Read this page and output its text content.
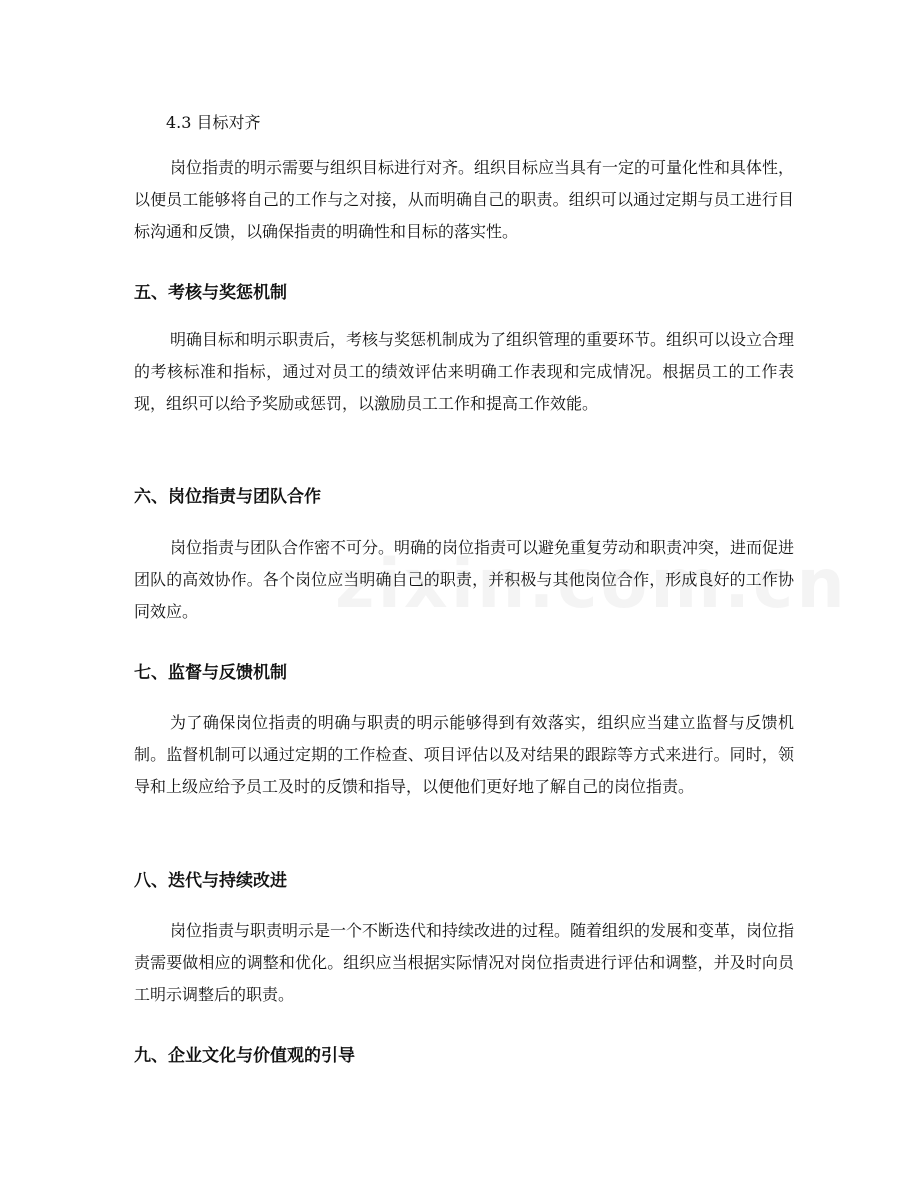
4.3 目标对齐

岗位指责的明示需要与组织目标进行对齐。组织目标应当具有一定的可量化性和具体性，以便员工能够将自己的工作与之对接，从而明确自己的职责。组织可以通过定期与员工进行目标沟通和反馈，以确保指责的明确性和目标的落实性。

五、考核与奖惩机制

明确目标和明示职责后，考核与奖惩机制成为了组织管理的重要环节。组织可以设立合理的考核标准和指标，通过对员工的绩效评估来明确工作表现和完成情况。根据员工的工作表现，组织可以给予奖励或惩罚，以激励员工工作和提高工作效能。

六、岗位指责与团队合作

岗位指责与团队合作密不可分。明确的岗位指责可以避免重复劳动和职责冲突，进而促进团队的高效协作。各个岗位应当明确自己的职责，并积极与其他岗位合作，形成良好的工作协同效应。

七、监督与反馈机制

为了确保岗位指责的明确与职责的明示能够得到有效落实，组织应当建立监督与反馈机制。监督机制可以通过定期的工作检查、项目评估以及对结果的跟踪等方式来进行。同时，领导和上级应给予员工及时的反馈和指导，以便他们更好地了解自己的岗位指责。

八、迭代与持续改进

岗位指责与职责明示是一个不断迭代和持续改进的过程。随着组织的发展和变革，岗位指责需要做相应的调整和优化。组织应当根据实际情况对岗位指责进行评估和调整，并及时向员工明示调整后的职责。

九、企业文化与价值观的引导
